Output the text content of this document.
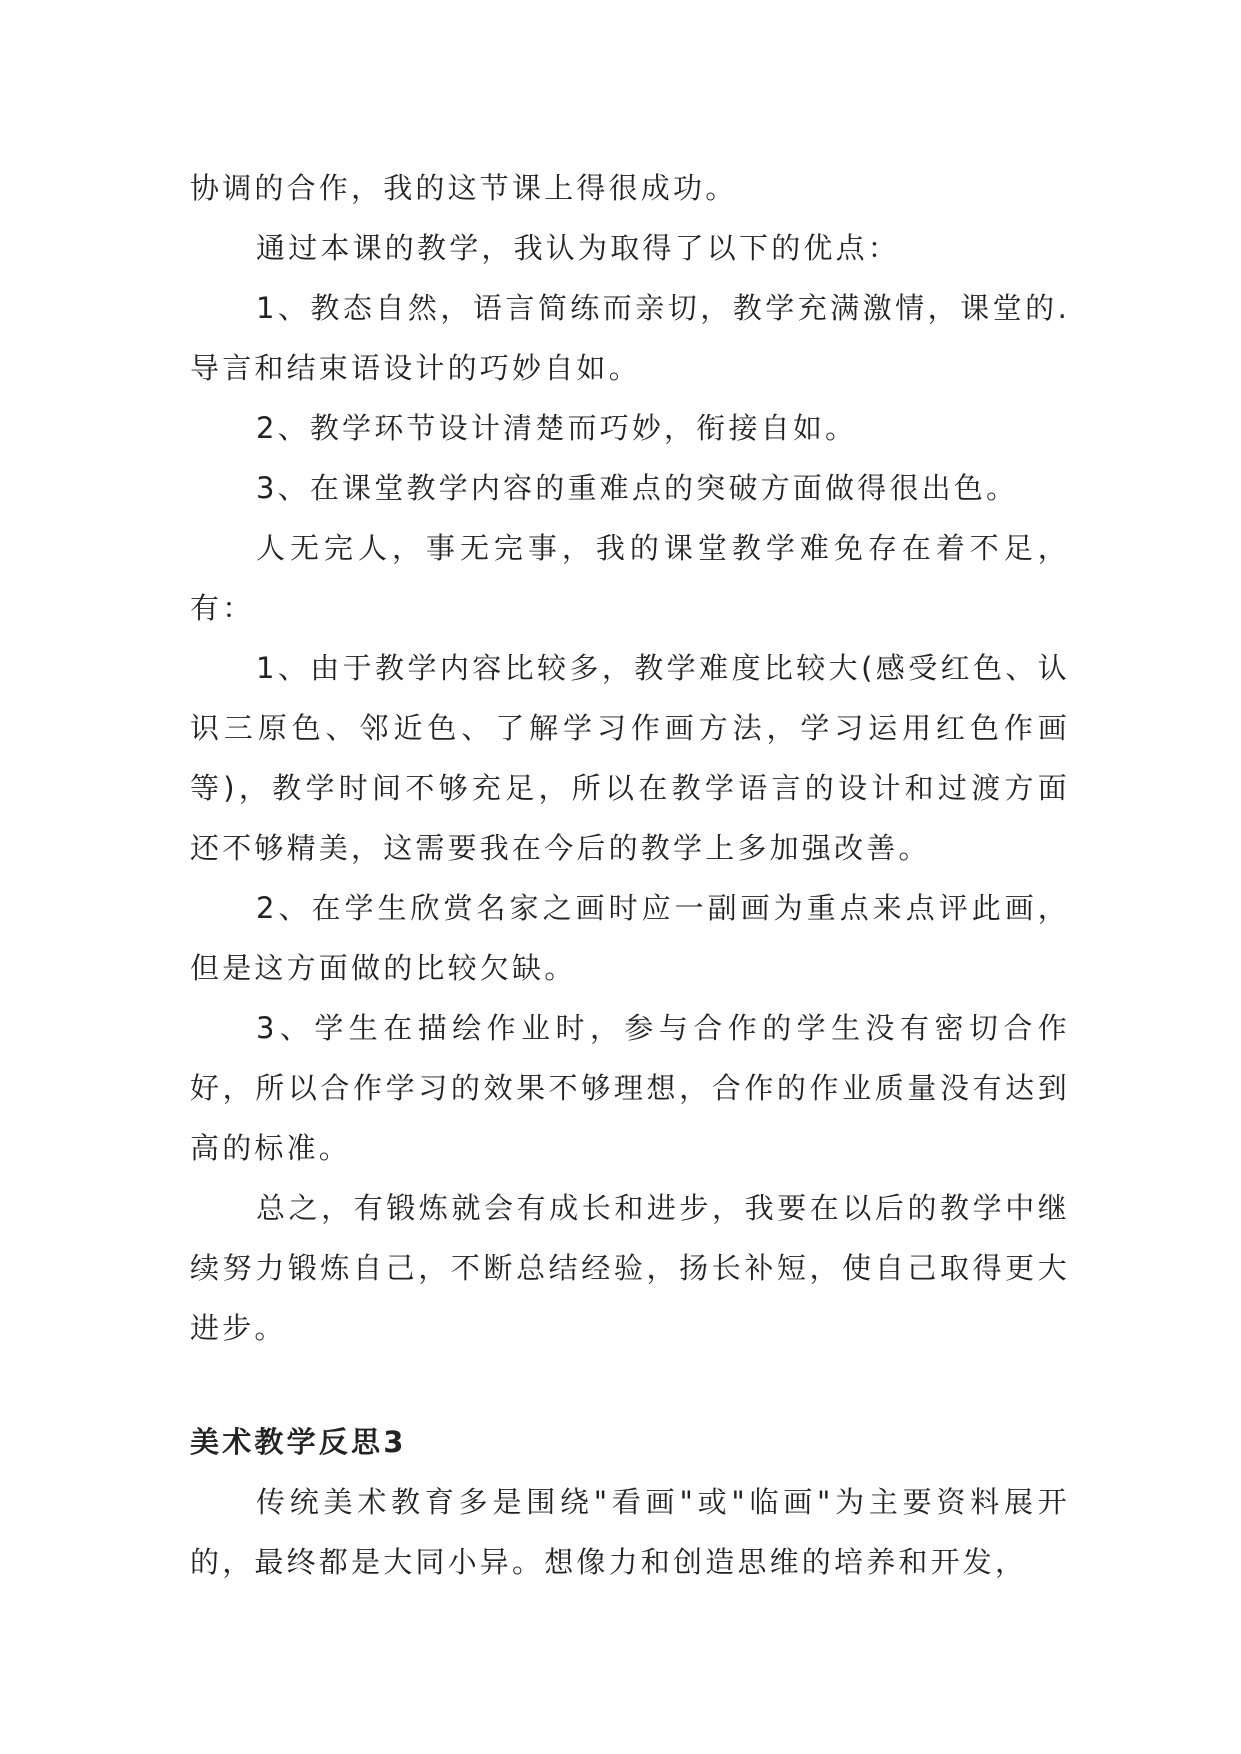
协调的合作，我的这节课上得很成功。

通过本课的教学，我认为取得了以下的优点：

1、教态自然，语言简练而亲切，教学充满激情，课堂的.导言和结束语设计的巧妙自如。

2、教学环节设计清楚而巧妙，衔接自如。

3、在课堂教学内容的重难点的突破方面做得很出色。

人无完人，事无完事，我的课堂教学难免存在着不足，有：

1、由于教学内容比较多，教学难度比较大(感受红色、认识三原色、邻近色、了解学习作画方法，学习运用红色作画等)，教学时间不够充足，所以在教学语言的设计和过渡方面还不够精美，这需要我在今后的教学上多加强改善。

2、在学生欣赏名家之画时应一副画为重点来点评此画，但是这方面做的比较欠缺。

3、学生在描绘作业时，参与合作的学生没有密切合作好，所以合作学习的效果不够理想，合作的作业质量没有达到高的标准。

总之，有锻炼就会有成长和进步，我要在以后的教学中继续努力锻炼自己，不断总结经验，扬长补短，使自己取得更大进步。

美术教学反思3

传统美术教育多是围绕"看画"或"临画"为主要资料展开的，最终都是大同小异。想像力和创造思维的培养和开发，
